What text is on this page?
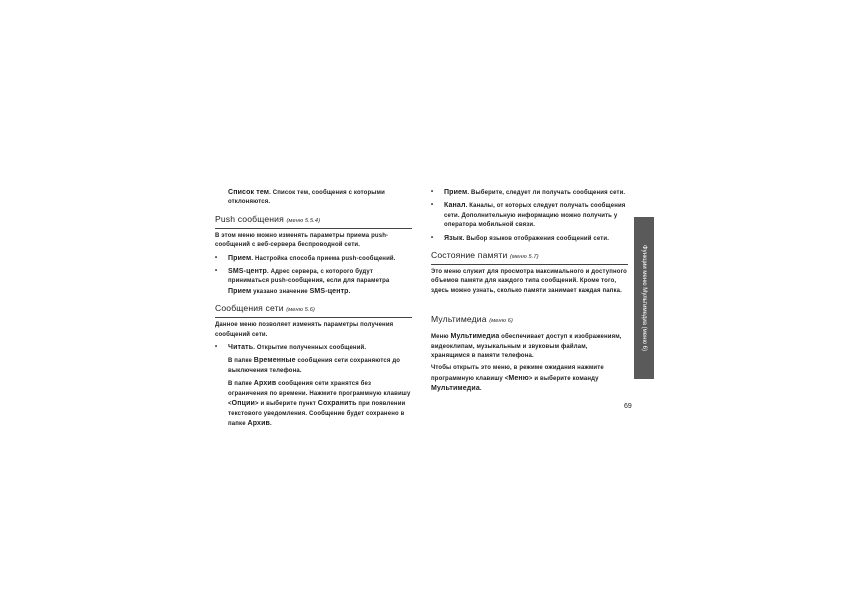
Список тем. Список тем, сообщения с которыми отклоняются.

Push сообщения (меню 5.5.4)

В этом меню можно изменять параметры приема push-сообщений с веб-сервера беспроводной сети.

• Прием. Настройка способа приема push-сообщений.
• SMS-центр. Адрес сервера, с которого будут приниматься push-сообщения, если для параметра Прием указано значение SMS-центр.
Сообщения сети (меню 5.6)

Данное меню позволяет изменять параметры получения сообщений сети.

• Читать. Открытие полученных сообщений.

В папке Временные сообщения сети сохраняются до выключения телефона.

В папке Архив сообщения сети хранятся без ограничения по времени. Нажмите программную клавишу <Опции> и выберите пункт Сохранить при появлении текстового уведомления. Сообщение будет сохранено в папке Архив.

• Прием. Выберите, следует ли получать сообщения сети.
• Канал. Каналы, от которых следует получать сообщения сети. Дополнительную информацию можно получить у оператора мобильной связи.
• Язык. Выбор языков отображения сообщений сети.
Состояние памяти (меню 5.7)

Это меню служит для просмотра максимального и доступного объемов памяти для каждого типа сообщений. Кроме того, здесь можно узнать, сколько памяти занимает каждая папка.

Мультимедиа (меню 6)

Меню Мультимедиа обеспечивает доступ к изображениям, видеоклипам, музыкальным и звуковым файлам, хранящимся в памяти телефона.

Чтобы открыть это меню, в режиме ожидания нажмите программную клавишу <Меню> и выберите команду Мультимедиа.

Функции меню Мультимедиа (меню 6)
69
